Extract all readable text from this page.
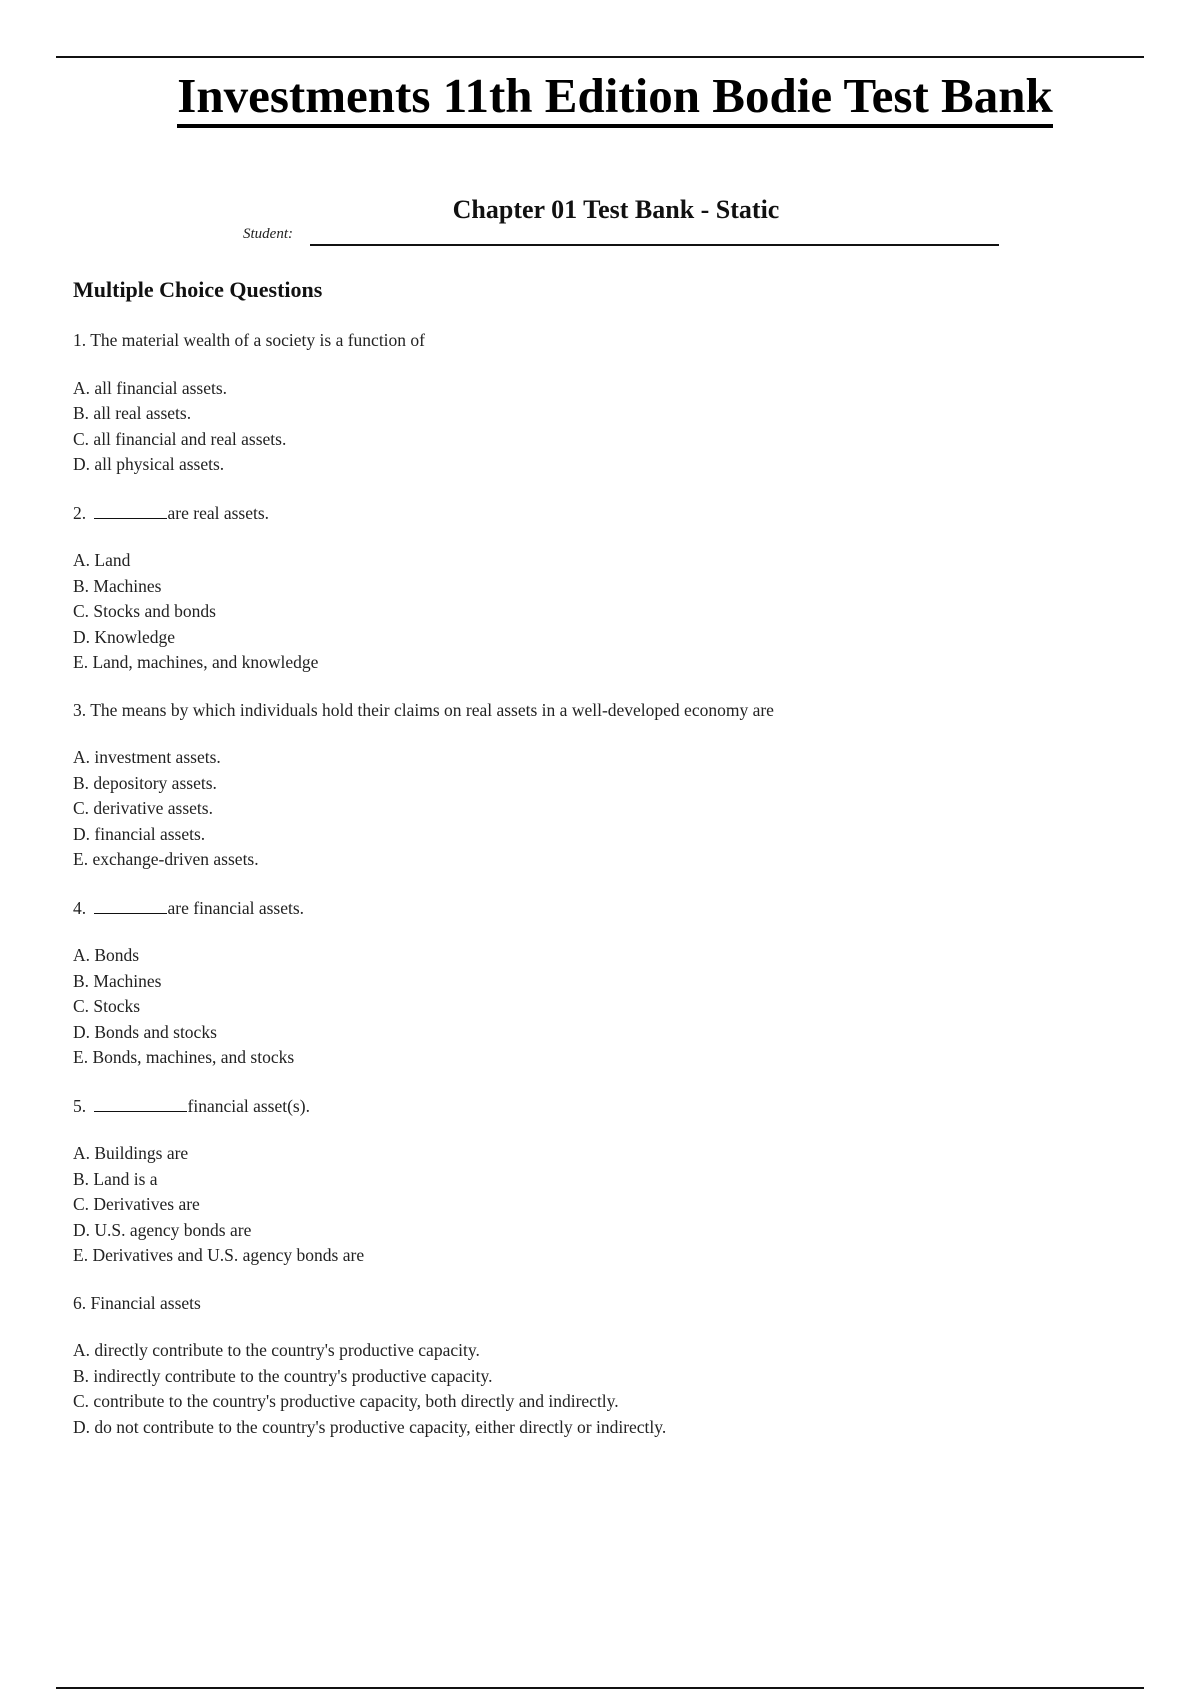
Investments 11th Edition Bodie Test Bank
Chapter 01 Test Bank - Static
Student:
Multiple Choice Questions
1. The material wealth of a society is a function of
A. all financial assets.
B. all real assets.
C. all financial and real assets.
D. all physical assets.
2.	are real assets.
A. Land
B. Machines
C. Stocks and bonds
D. Knowledge
E. Land, machines, and knowledge
3. The means by which individuals hold their claims on real assets in a well-developed economy are
A. investment assets.
B. depository assets.
C. derivative assets.
D. financial assets.
E. exchange-driven assets.
4.	are financial assets.
A. Bonds
B. Machines
C. Stocks
D. Bonds and stocks
E. Bonds, machines, and stocks
5.	financial asset(s).
A. Buildings are
B. Land is a
C. Derivatives are
D. U.S. agency bonds are
E. Derivatives and U.S. agency bonds are
6. Financial assets
A. directly contribute to the country's productive capacity.
B. indirectly contribute to the country's productive capacity.
C. contribute to the country's productive capacity, both directly and indirectly.
D. do not contribute to the country's productive capacity, either directly or indirectly.
